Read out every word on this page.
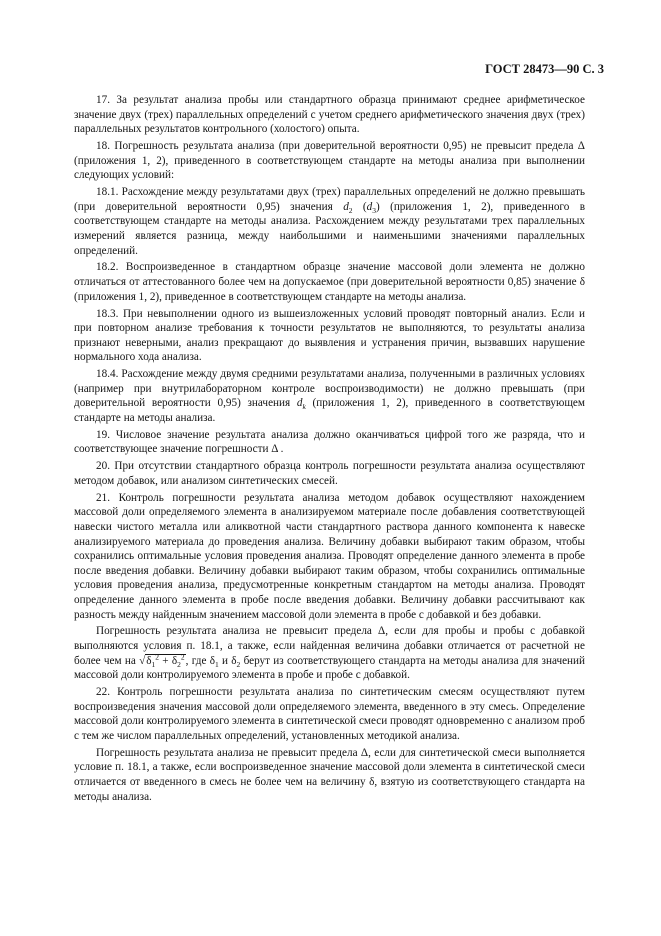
ГОСТ 28473—90 С. 3

17. За результат анализа пробы или стандартного образца принимают среднее арифметическое значение двух (трех) параллельных определений с учетом среднего арифметического значения двух (трех) параллельных результатов контрольного (холостого) опыта.

18. Погрешность результата анализа (при доверительной вероятности 0,95) не превысит предела Δ (приложения 1, 2), приведенного в соответствующем стандарте на методы анализа при выполнении следующих условий:

18.1. Расхождение между результатами двух (трех) параллельных определений не должно превышать (при доверительной вероятности 0,95) значения $d_2$ $(d_3)$ (приложения 1, 2), приведенного в соответствующем стандарте на методы анализа. Расхождением между результатами трех параллельных измерений является разница, между наибольшими и наименьшими значениями параллельных определений.

18.2. Воспроизведенное в стандартном образце значение массовой доли элемента не должно отличаться от аттестованного более чем на допускаемое (при доверительной вероятности 0,85) значение δ (приложения 1, 2), приведенное в соответствующем стандарте на методы анализа.

18.3. При невыполнении одного из вышеизложенных условий проводят повторный анализ. Если и при повторном анализе требования к точности результатов не выполняются, то результаты анализа признают неверными, анализ прекращают до выявления и устранения причин, вызвавших нарушение нормального хода анализа.

18.4. Расхождение между двумя средними результатами анализа, полученными в различных условиях (например при внутрилабораторном контроле воспроизводимости) не должно превышать (при доверительной вероятности 0,95) значения $d_k$ (приложения 1, 2), приведенного в соответствующем стандарте на методы анализа.

19. Числовое значение результата анализа должно оканчиваться цифрой того же разряда, что и соответствующее значение погрешности Δ .

20. При отсутствии стандартного образца контроль погрешности результата анализа осуществляют методом добавок, или анализом синтетических смесей.

21. Контроль погрешности результата анализа методом добавок осуществляют нахождением массовой доли определяемого элемента в анализируемом материале после добавления соответствующей навески чистого металла или аликвотной части стандартного раствора данного компонента к навеске анализируемого материала до проведения анализа. Величину добавки выбирают таким образом, чтобы сохранились оптимальные условия проведения анализа. Проводят определение данного элемента в пробе после введения добавки. Величину добавки выбирают таким образом, чтобы сохранились оптимальные условия проведения анализа, предусмотренные конкретным стандартом на методы анализа. Проводят определение данного элемента в пробе после введения добавки. Величину добавки рассчитывают как разность между найденным значением массовой доли элемента в пробе с добавкой и без добавки.

Погрешность результата анализа не превысит предела Δ, если для пробы и пробы с добавкой выполняются условия п. 18.1, а также, если найденная величина добавки отличается от расчетной не более чем на $√\delta_1^2 + \delta_2^2$, где $\delta_1$ и $\delta_2$ берут из соответствующего стандарта на методы анализа для значений массовой доли контролируемого элемента в пробе и пробе с добавкой.

22. Контроль погрешности результата анализа по синтетическим смесям осуществляют путем воспроизведения значения массовой доли определяемого элемента, введенного в эту смесь. Определение массовой доли контролируемого элемента в синтетической смеси проводят одновременно с анализом проб с тем же числом параллельных определений, установленных методикой анализа.

Погрешность результата анализа не превысит предела Δ, если для синтетической смеси выполняется условие п. 18.1, а также, если воспроизведенное значение массовой доли элемента в синтетической смеси отличается от введенного в смесь не более чем на величину δ, взятую из соответствующего стандарта на методы анализа.
